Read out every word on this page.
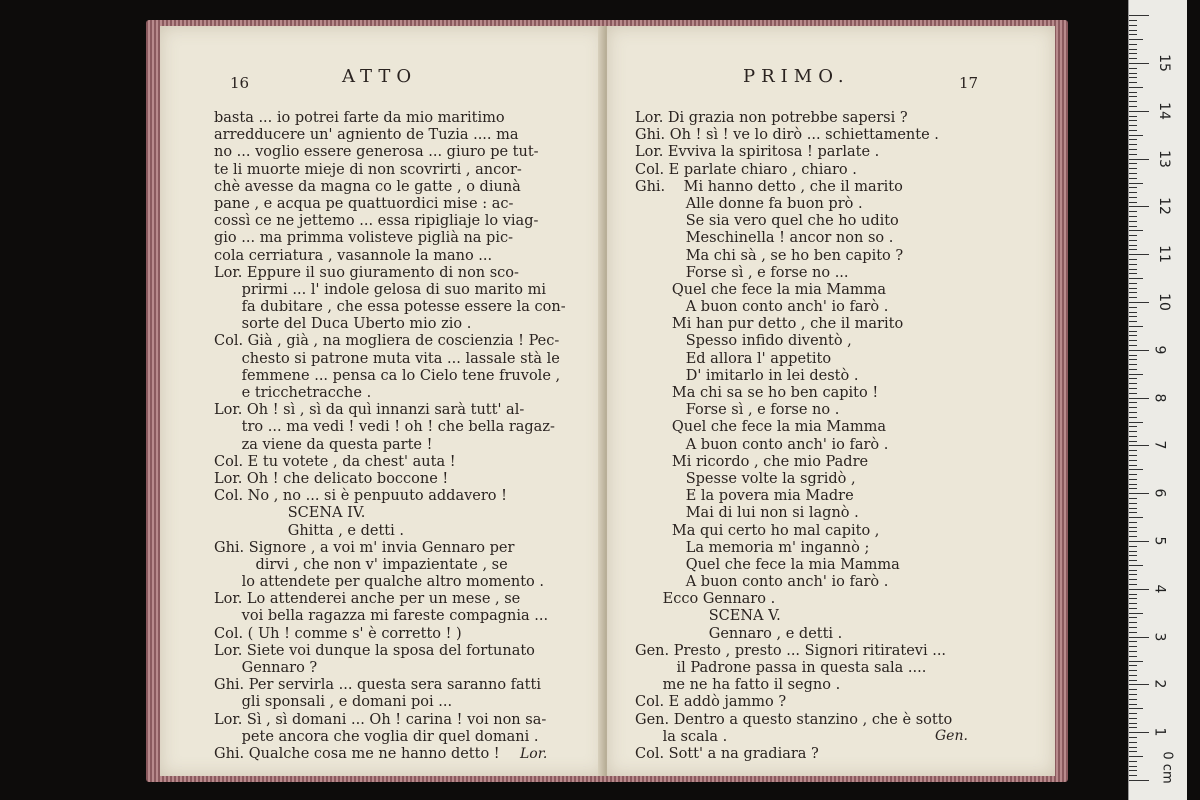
16	ATTO
basta ... io potrei farte da mio maritimo
arredducere un' agniento de Tuzia .... ma
no ... voglio essere generosa ... giuro pe tut-
te li muorte mieje di non scovrirti , ancor-
chè avesse da magna co le gatte , o diunà
pane , e acqua pe quattuordici mise : ac-
cossì ce ne jettemo ... essa ripigliaje lo viag-
gio ... ma primma volisteve piglià na pic-
cola cerriatura , vasannole la mano ...
Lor. Eppure il suo giuramento di non sco-
prirmi ... l' indole gelosa di suo marito mi
fa dubitare , che essa potesse essere la con-
sorte del Duca Uberto mio zio .
Col. Già , già , na mogliera de coscienzia ! Pec-
chesto si patrone muta vita ... lassale stà le
femmene ... pensa ca lo Cielo tene fruvole ,
e tricchetracche .
Lor. Oh ! sì , sì da quì innanzi sarà tutt' al-
tro ... ma vedi ! vedi ! oh ! che bella ragaz-
za viene da questa parte !
Col. E tu votete , da chest' auta !
Lor. Oh ! che delicato boccone !
Col. No , no ... si è penpuuto addavero !
SCENA IV.
Ghitta , e detti .
Ghi. Signore , a voi m' invia Gennaro per
dirvi , che non v' impazientate , se
lo attendete per qualche altro momento .
Lor. Lo attenderei anche per un mese , se
voi bella ragazza mi fareste compagnia ...
Col. ( Uh ! comme s' è corretto ! )
Lor. Siete voi dunque la sposa del fortunato
Gennaro ?
Ghi. Per servirla ... questa sera saranno fatti
gli sponsali , e domani poi ...
Lor. Sì , sì domani ... Oh ! carina ! voi non sa-
pete ancora che voglia dir quel domani .
Ghi. Qualche cosa me ne hanno detto !	Lor.
PRIMO.	17
Lor. Di grazia non potrebbe sapersi ?
Ghi. Oh ! sì ! ve lo dirò ... schiettamente .
Lor. Evviva la spiritosa ! parlate .
Col. E parlate chiaro , chiaro .
Ghi.    Mi hanno detto , che il marito
Alle donne fa buon prò .
Se sia vero quel che ho udito
Meschinella ! ancor non so .
Ma chi sà , se ho ben capito ?
Forse sì , e forse no ...
Quel che fece la mia Mamma
A buon conto anch' io farò .
Mi han pur detto , che il marito
Spesso infido diventò ,
Ed allora l' appetito
D' imitarlo in lei destò .
Ma chi sa se ho ben capito !
Forse sì , e forse no .
Quel che fece la mia Mamma
A buon conto anch' io farò .
Mi ricordo , che mio Padre
Spesse volte la sgridò ,
E la povera mia Madre
Mai di lui non si lagnò .
Ma qui certo ho mal capito ,
La memoria m' ingannò ;
Quel che fece la mia Mamma
A buon conto anch' io farò .
Ecco Gennaro .
SCENA V.
Gennaro , e detti .
Gen. Presto , presto ... Signori ritiratevi ...
il Padrone passa in questa sala ....
me ne ha fatto il segno .
Col. E addò jammo ?
Gen. Dentro a questo stanzino , che è sotto
la scala .
Col. Sott' a na gradiara ?
Gen.
0 cm
15
14
13
12
11
10
9
8
7
6
5
4
3
2
1
